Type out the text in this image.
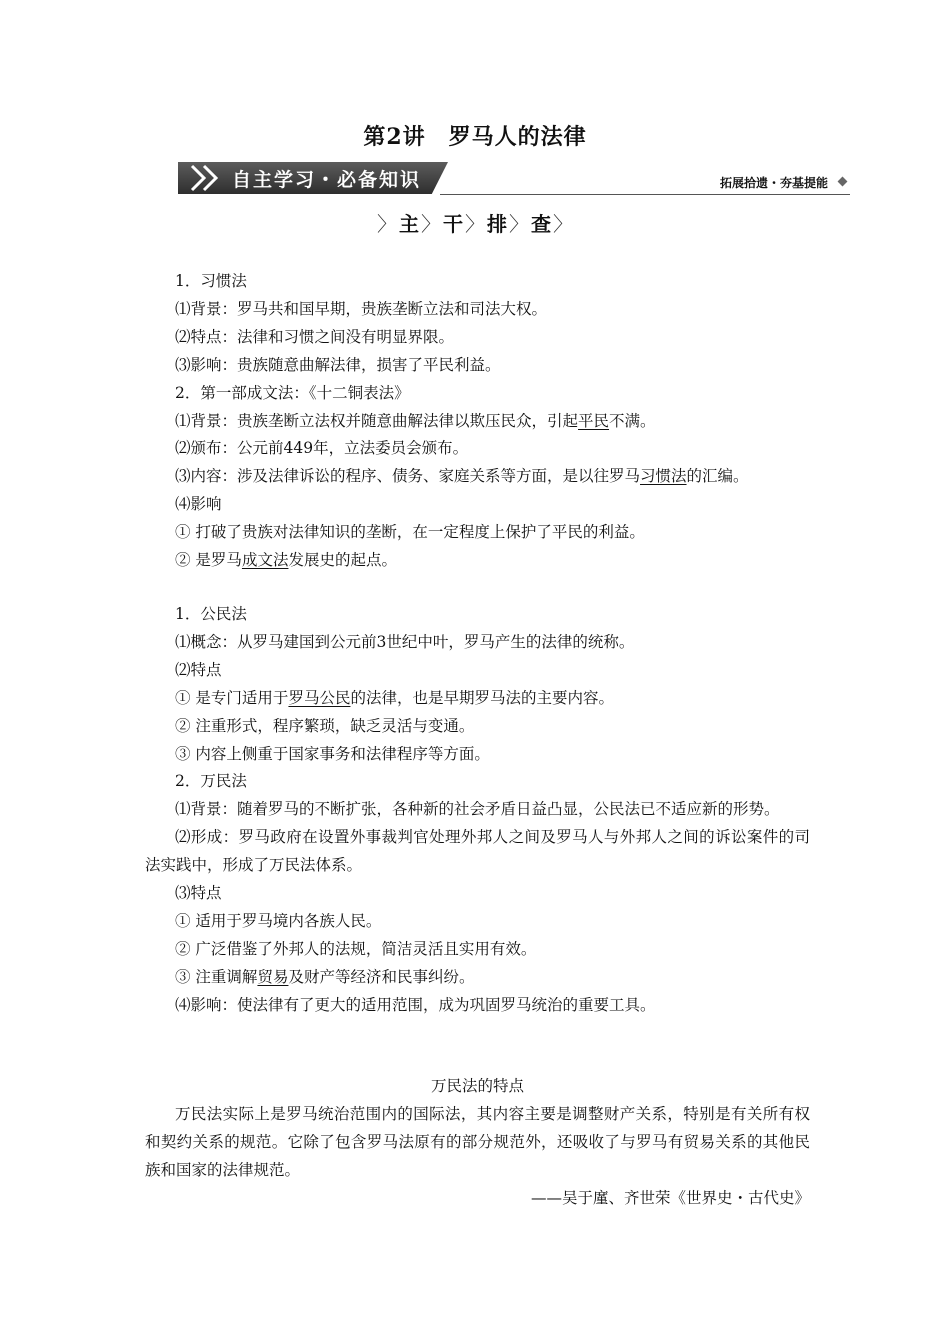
第2讲　罗马人的法律
自主学习・必备知识	拓展拾遗・夯基提能
〉 主 〉 干 〉 排 〉 查 〉

1．习惯法

⑴背景：罗马共和国早期，贵族垄断立法和司法大权。

⑵特点：法律和习惯之间没有明显界限。

⑶影响：贵族随意曲解法律，损害了平民利益。

2．第一部成文法：《十二铜表法》

⑴背景：贵族垄断立法权并随意曲解法律以欺压民众，引起平民不满。

⑵颁布：公元前449年，立法委员会颁布。

⑶内容：涉及法律诉讼的程序、债务、家庭关系等方面，是以往罗马习惯法的汇编。

⑷影响

① 打破了贵族对法律知识的垄断，在一定程度上保护了平民的利益。

② 是罗马成文法发展史的起点。

1．公民法

⑴概念：从罗马建国到公元前3世纪中叶，罗马产生的法律的统称。

⑵特点

① 是专门适用于罗马公民的法律，也是早期罗马法的主要内容。

② 注重形式，程序繁琐，缺乏灵活与变通。

③ 内容上侧重于国家事务和法律程序等方面。

2．万民法

⑴背景：随着罗马的不断扩张，各种新的社会矛盾日益凸显，公民法已不适应新的形势。

⑵形成：罗马政府在设置外事裁判官处理外邦人之间及罗马人与外邦人之间的诉讼案件的司法实践中，形成了万民法体系。

⑶特点

① 适用于罗马境内各族人民。

② 广泛借鉴了外邦人的法规，简洁灵活且实用有效。

③ 注重调解贸易及财产等经济和民事纠纷。

⑷影响：使法律有了更大的适用范围，成为巩固罗马统治的重要工具。

万民法的特点

万民法实际上是罗马统治范围内的国际法，其内容主要是调整财产关系，特别是有关所有权和契约关系的规范。它除了包含罗马法原有的部分规范外，还吸收了与罗马有贸易关系的其他民族和国家的法律规范。

——吴于廑、齐世荣《世界史・古代史》
